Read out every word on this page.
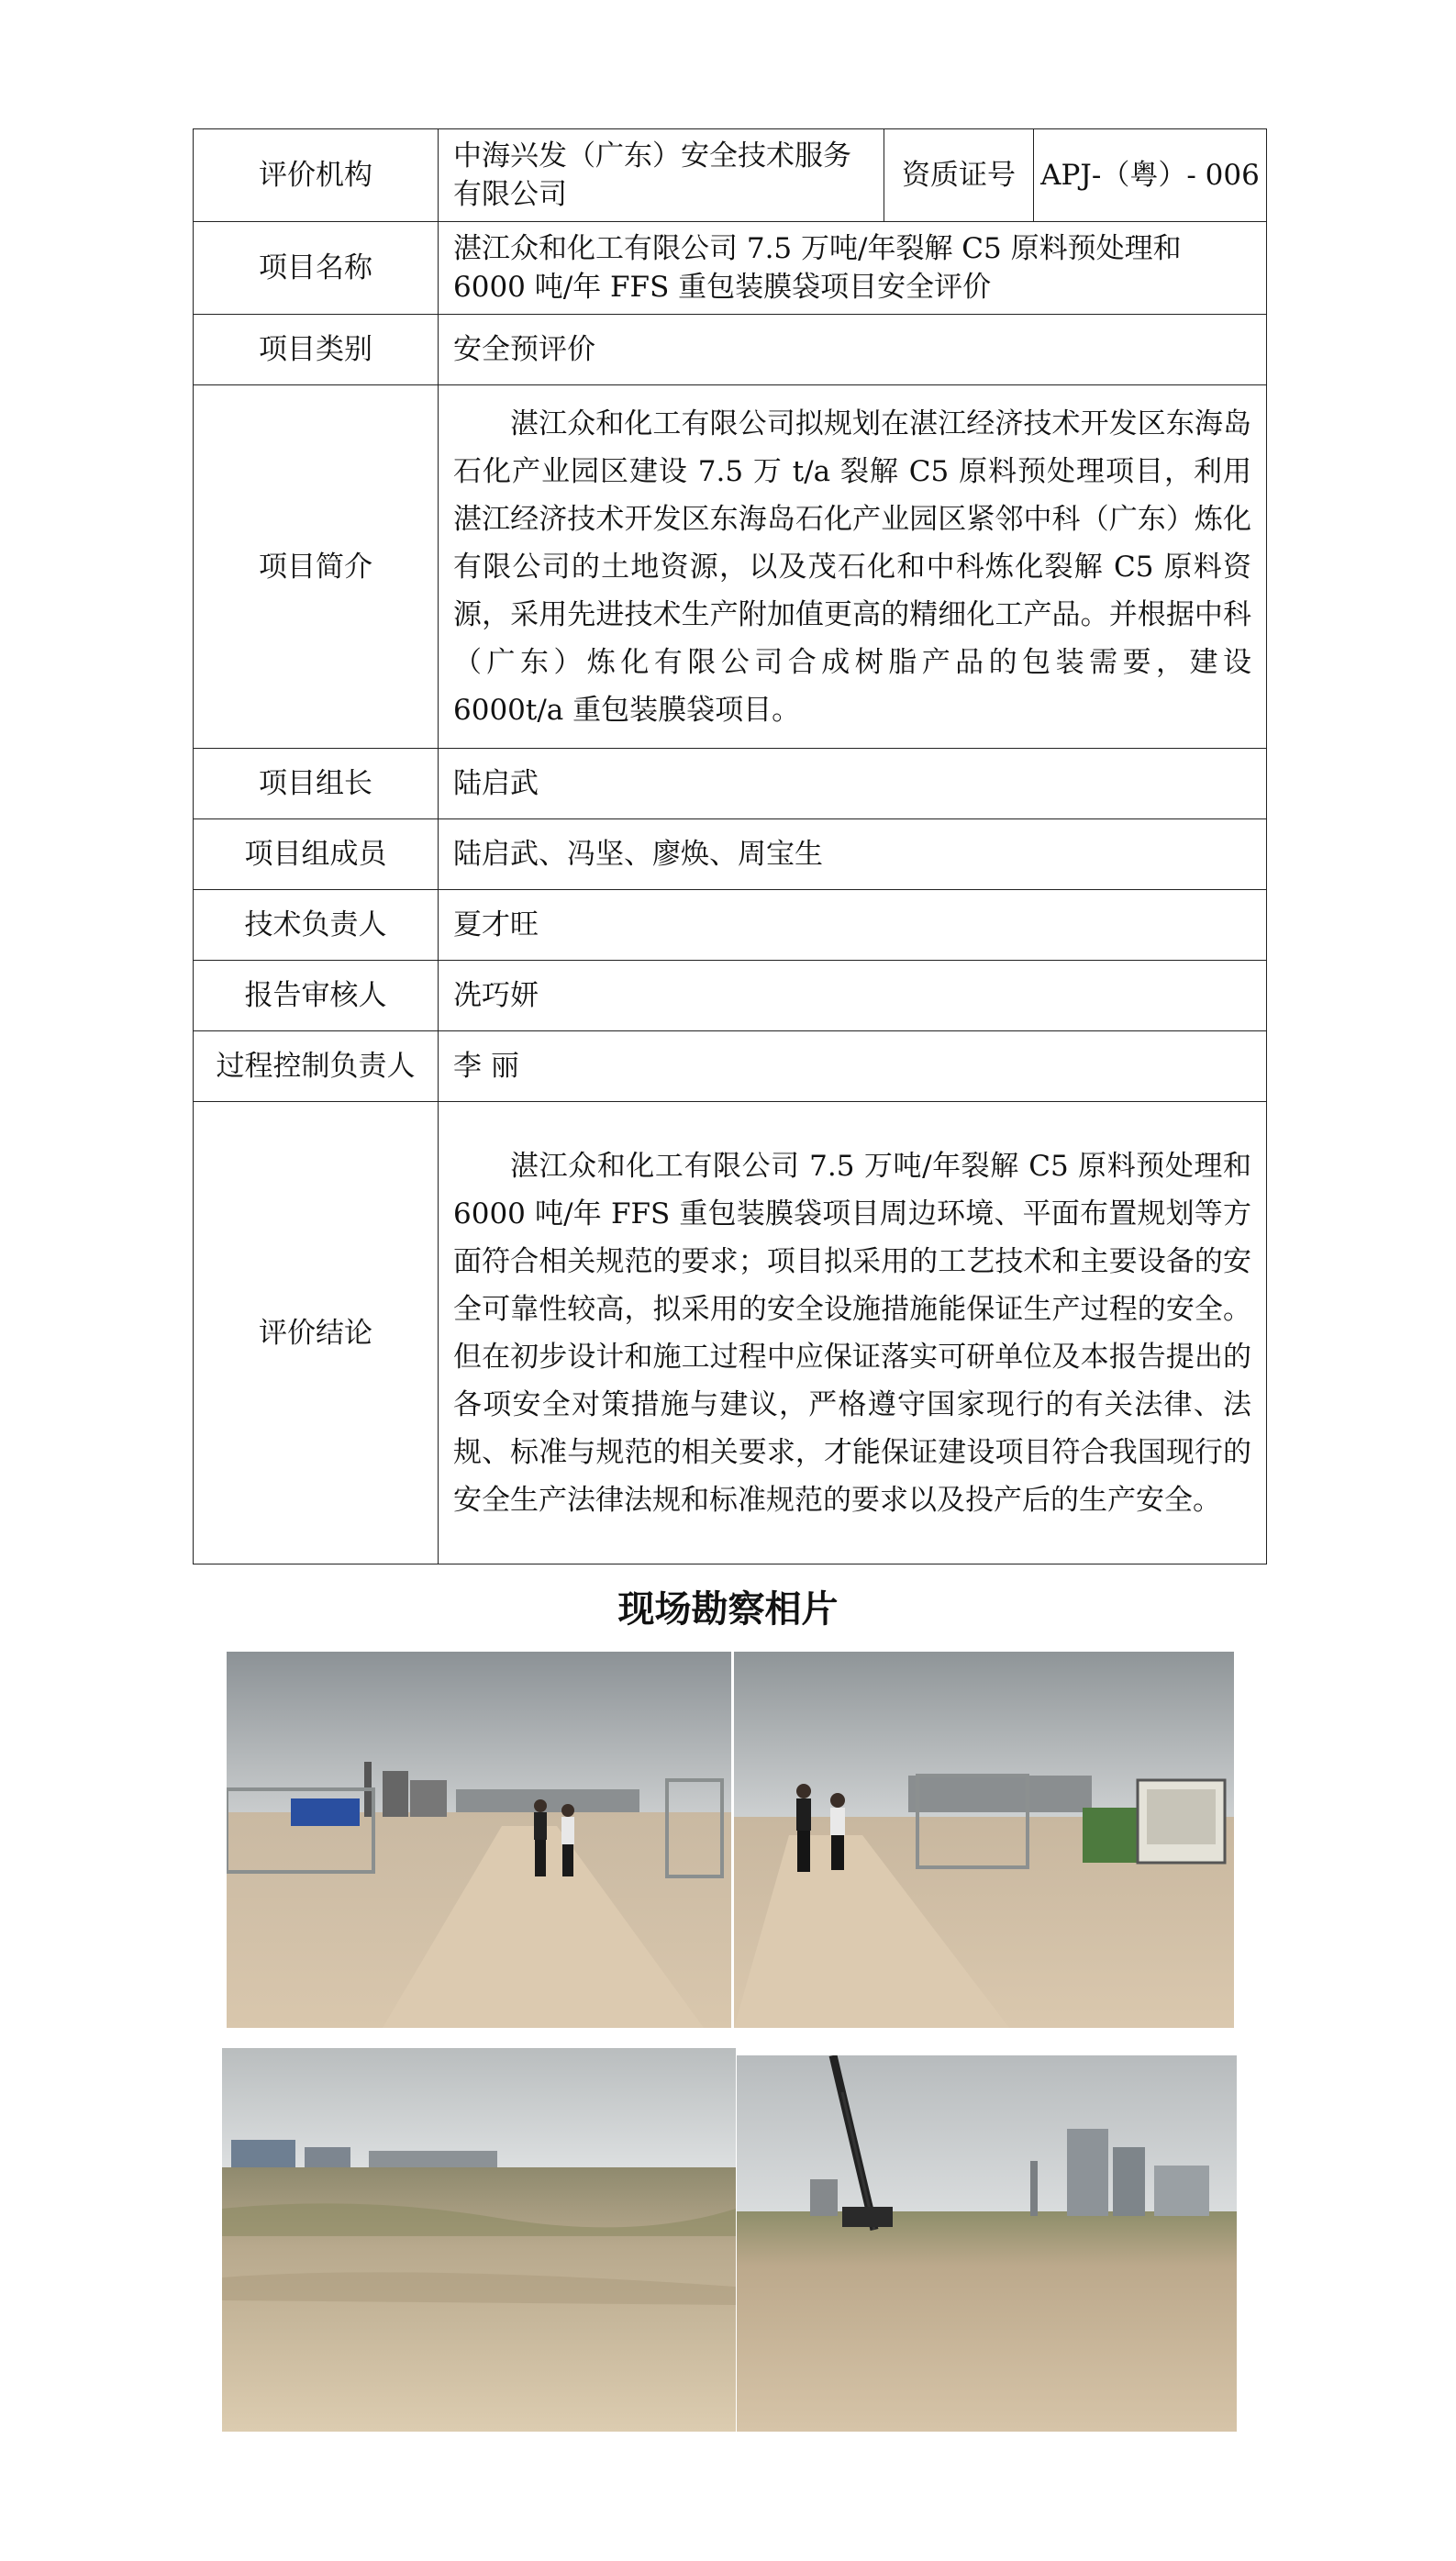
评价机构	中海兴发（广东）安全技术服务有限公司	资质证号	APJ-（粤）- 006
项目名称	湛江众和化工有限公司 7.5 万吨/年裂解 C5 原料预处理和 6000 吨/年 FFS 重包装膜袋项目安全评价		
项目类别	安全预评价		
项目简介	湛江众和化工有限公司拟规划在湛江经济技术开发区东海岛石化产业园区建设 7.5 万 t/a 裂解 C5 原料预处理项目，利用湛江经济技术开发区东海岛石化产业园区紧邻中科（广东）炼化有限公司的土地资源，以及茂石化和中科炼化裂解 C5 原料资源，采用先进技术生产附加值更高的精细化工产品。并根据中科（广东）炼化有限公司合成树脂产品的包装需要，建设 6000t/a 重包装膜袋项目。		
项目组长	陆启武		
项目组成员	陆启武、冯坚、廖焕、周宝生		
技术负责人	夏才旺		
报告审核人	冼巧妍		
过程控制负责人	李 丽		
评价结论	湛江众和化工有限公司 7.5 万吨/年裂解 C5 原料预处理和 6000 吨/年 FFS 重包装膜袋项目周边环境、平面布置规划等方面符合相关规范的要求；项目拟采用的工艺技术和主要设备的安全可靠性较高，拟采用的安全设施措施能保证生产过程的安全。但在初步设计和施工过程中应保证落实可研单位及本报告提出的各项安全对策措施与建议，严格遵守国家现行的有关法律、法规、标准与规范的相关要求，才能保证建设项目符合我国现行的安全生产法律法规和标准规范的要求以及投产后的生产安全。		
现场勘察相片
